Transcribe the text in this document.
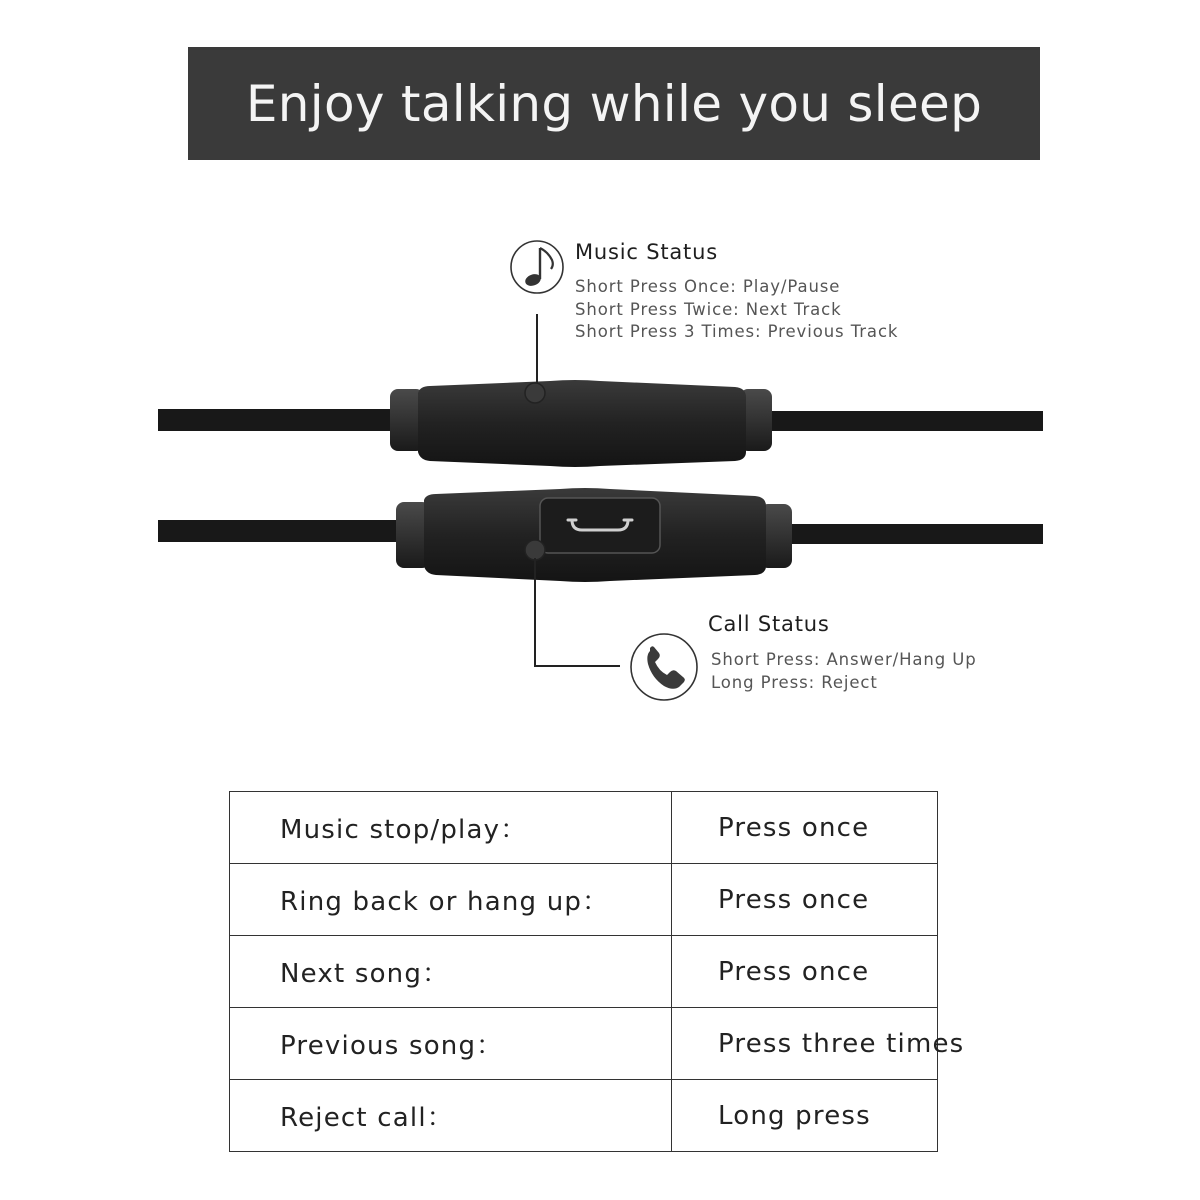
Enjoy talking while you sleep
Music Status
Short Press Once: Play/Pause
Short Press Twice: Next Track
Short Press 3 Times: Previous Track
Call Status
Short Press: Answer/Hang Up
Long Press: Reject
Music stop/play：	Press once
Ring back or hang up：	Press once
Next song：	Press once
Previous song：	Press three times
Reject call：	Long press
